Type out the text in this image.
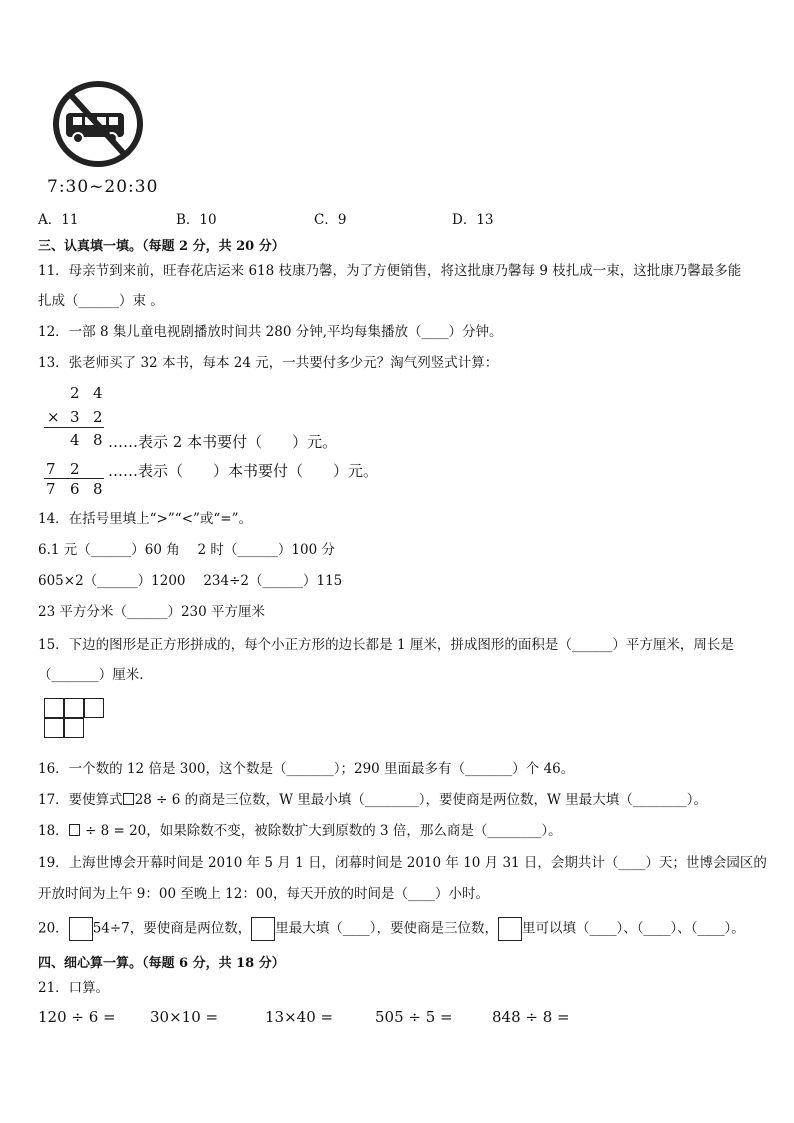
7:30~20:30
A．11	B．10	C．9	D．13
三、认真填一填。（每题 2 分，共 20 分）
11．母亲节到来前，旺春花店运来 618 枝康乃馨，为了方便销售，将这批康乃馨每 9 枝扎成一束，这批康乃馨最多能
扎成（______）束 。
12．一部 8 集儿童电视剧播放时间共 280 分钟,平均每集播放（____）分钟。
13．张老师买了 32 本书，每本 24 元，一共要付多少元？淘气列竖式计算：
2 4
× 3 2
4 8 ……表示 2 本书要付（　　）元。
7 2 ……表示（　　）本书要付（　　）元。
7 6 8
14．在括号里填上“>”“<”或“=”。
6.1 元（______）60 角　 2 时（______）100 分
605×2（______）1200　 234÷2（______）115
23 平方分米（______）230 平方厘米
15．下边的图形是正方形拼成的，每个小正方形的边长都是 1 厘米，拼成图形的面积是（______）平方厘米，周长是
（_______）厘米．
16．一个数的 12 倍是 300，这个数是（_______）；290 里面最多有（_______）个 46。
17．要使算式 28 ÷ 6 的商是三位数，W 里最小填（________），要使商是两位数，W 里最大填（________）。
18． ÷ 8 = 20，如果除数不变，被除数扩大到原数的 3 倍，那么商是（________）。
19．上海世博会开幕时间是 2010 年 5 月 1 日，闭幕时间是 2010 年 10 月 31 日，会期共计（____）天；世博会园区的
开放时间为上午 9：00 至晚上 12：00，每天开放的时间是（____）小时。
20． 54÷7，要使商是两位数， 里最大填（____），要使商是三位数， 里可以填（____）、（____）、（____）。
四、细心算一算。（每题 6 分，共 18 分）
21．口算。
120 ÷ 6 = 30×10 =	13×40 =	505 ÷ 5 =	848 ÷ 8 =
